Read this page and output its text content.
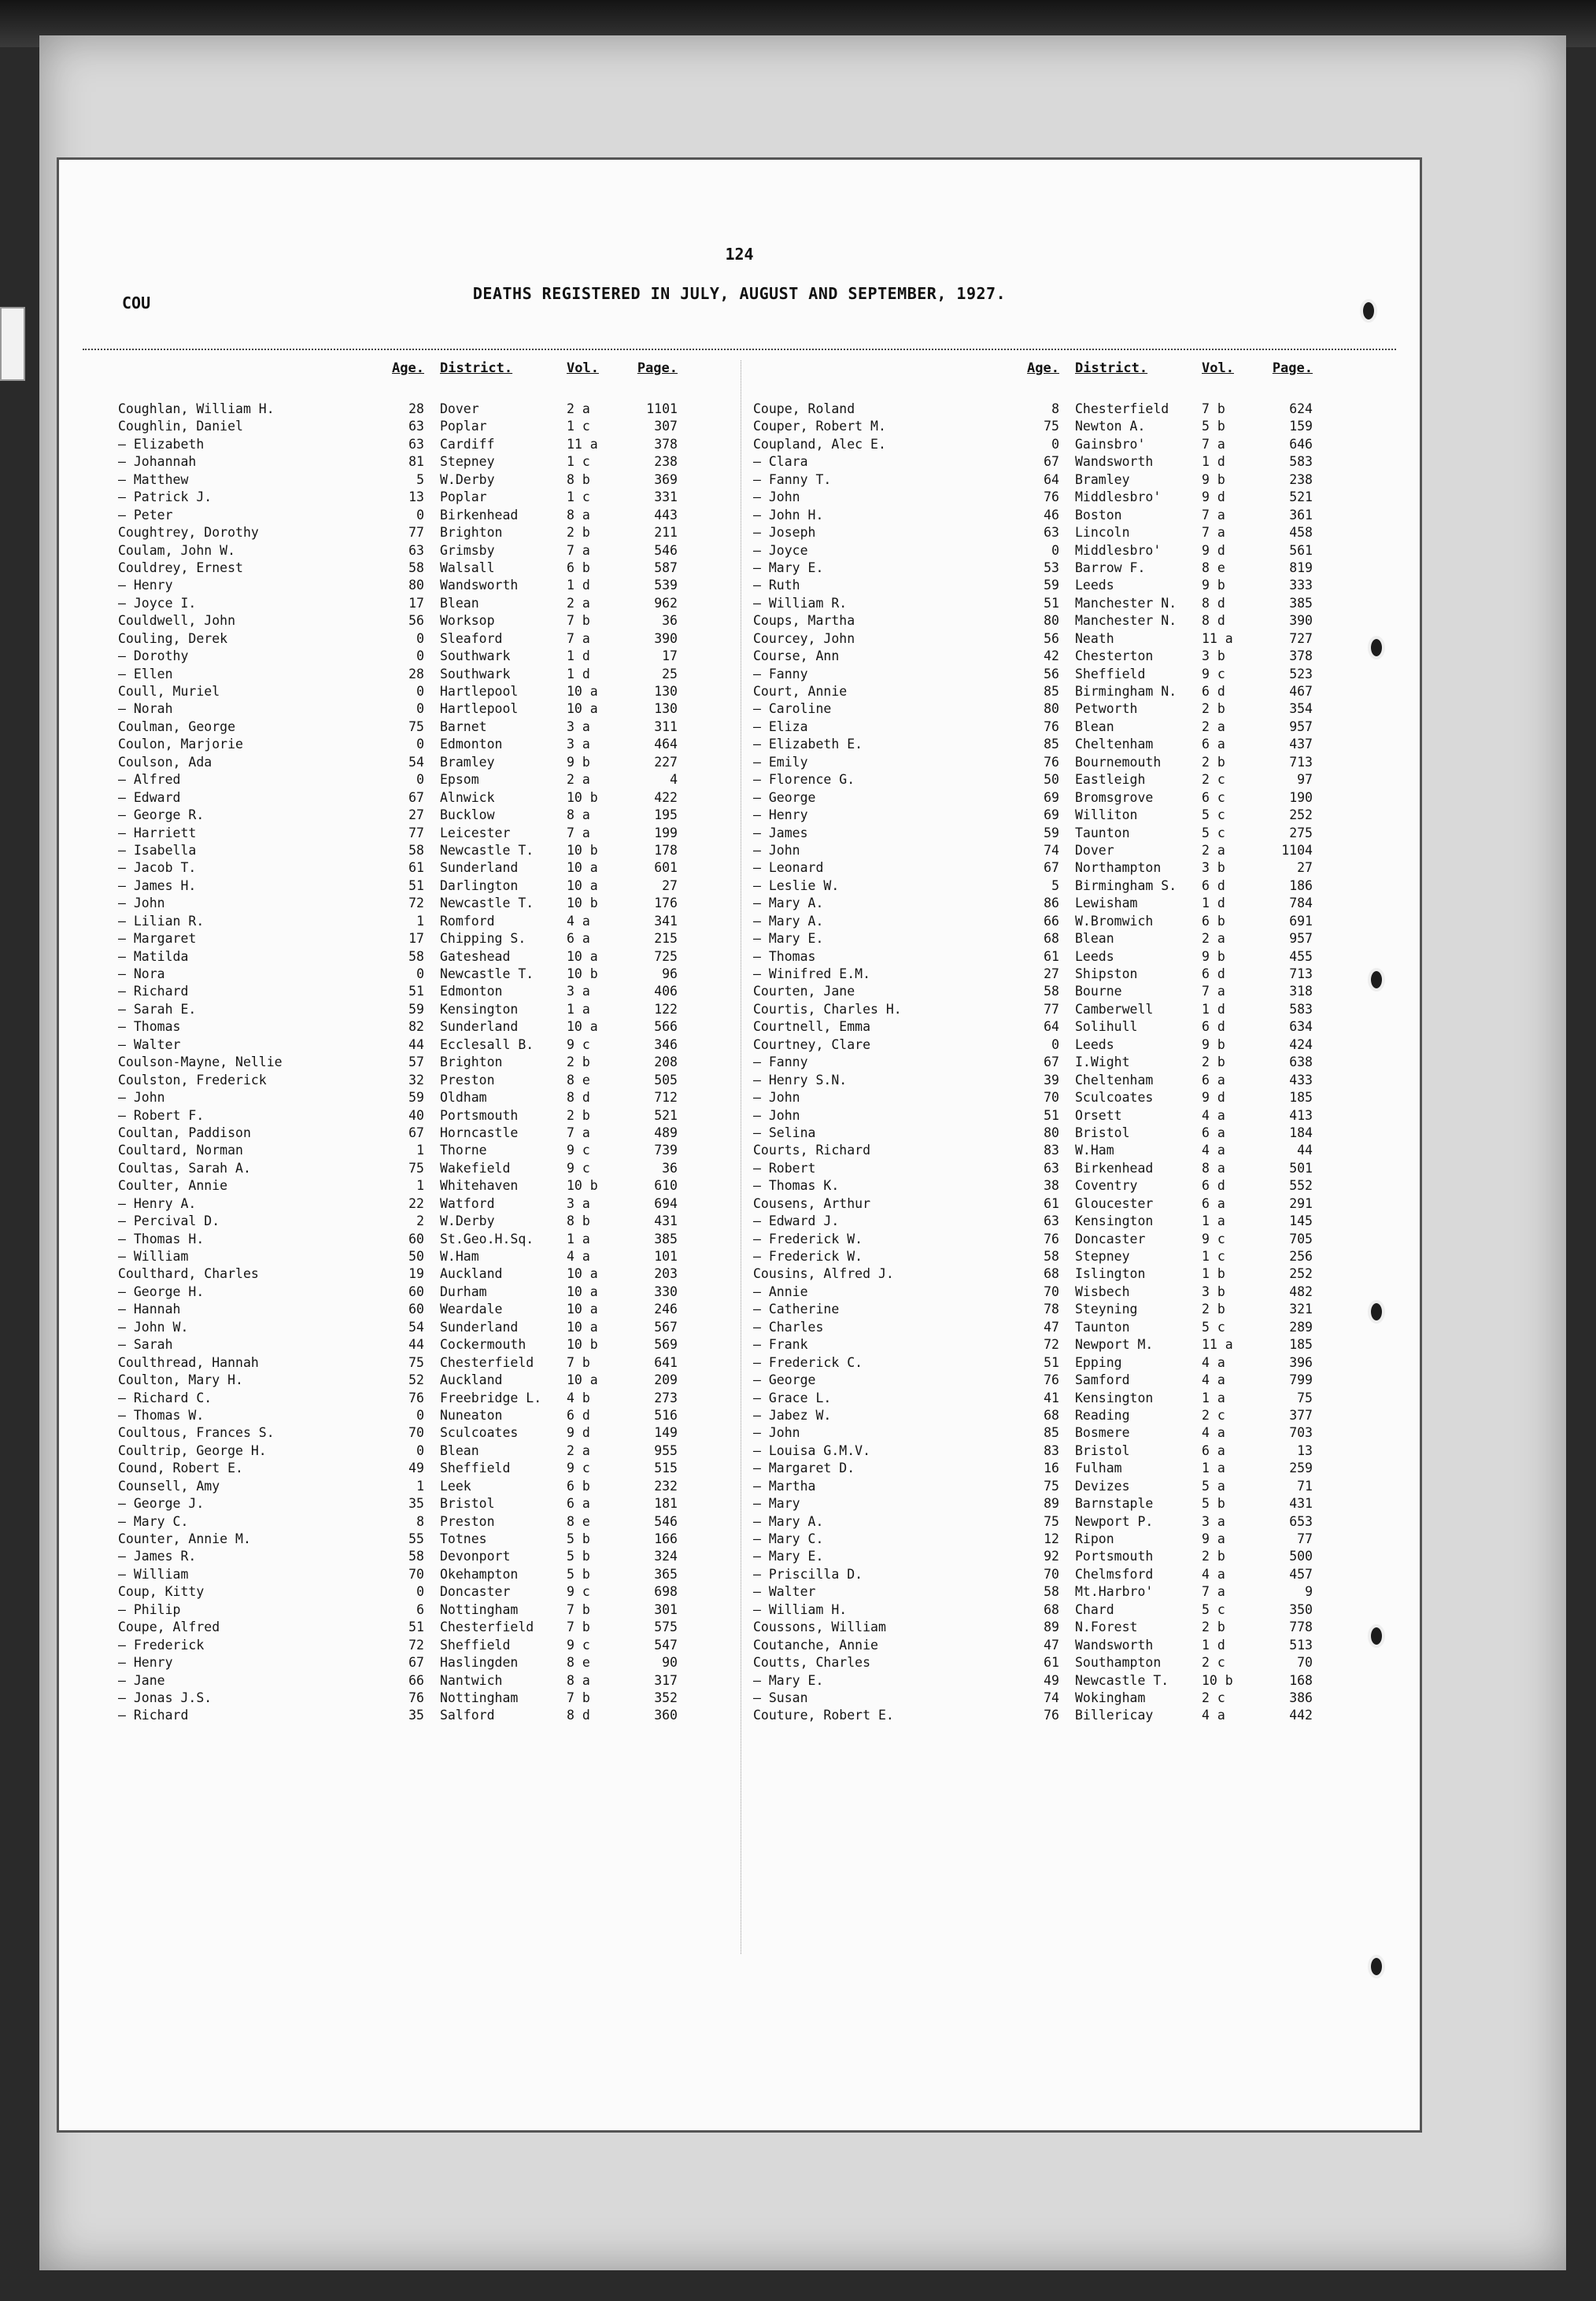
124
COU	DEATHS REGISTERED IN JULY, AUGUST AND SEPTEMBER, 1927.
Age.	District.	Vol.	Page.
Coughlan, William H.	28	Dover	2 a	1101
Coughlin, Daniel	63	Poplar	1 c	307
— Elizabeth	63	Cardiff	11 a	378
— Johannah	81	Stepney	1 c	238
— Matthew	5	W.Derby	8 b	369
— Patrick J.	13	Poplar	1 c	331
— Peter	0	Birkenhead	8 a	443
Coughtrey, Dorothy	77	Brighton	2 b	211
Coulam, John W.	63	Grimsby	7 a	546
Couldrey, Ernest	58	Walsall	6 b	587
— Henry	80	Wandsworth	1 d	539
— Joyce I.	17	Blean	2 a	962
Couldwell, John	56	Worksop	7 b	36
Couling, Derek	0	Sleaford	7 a	390
— Dorothy	0	Southwark	1 d	17
— Ellen	28	Southwark	1 d	25
Coull, Muriel	0	Hartlepool	10 a	130
— Norah	0	Hartlepool	10 a	130
Coulman, George	75	Barnet	3 a	311
Coulon, Marjorie	0	Edmonton	3 a	464
Coulson, Ada	54	Bramley	9 b	227
— Alfred	0	Epsom	2 a	4
— Edward	67	Alnwick	10 b	422
— George R.	27	Bucklow	8 a	195
— Harriett	77	Leicester	7 a	199
— Isabella	58	Newcastle T.	10 b	178
— Jacob T.	61	Sunderland	10 a	601
— James H.	51	Darlington	10 a	27
— John	72	Newcastle T.	10 b	176
— Lilian R.	1	Romford	4 a	341
— Margaret	17	Chipping S.	6 a	215
— Matilda	58	Gateshead	10 a	725
— Nora	0	Newcastle T.	10 b	96
— Richard	51	Edmonton	3 a	406
— Sarah E.	59	Kensington	1 a	122
— Thomas	82	Sunderland	10 a	566
— Walter	44	Ecclesall B.	9 c	346
Coulson-Mayne, Nellie	57	Brighton	2 b	208
Coulston, Frederick	32	Preston	8 e	505
— John	59	Oldham	8 d	712
— Robert F.	40	Portsmouth	2 b	521
Coultan, Paddison	67	Horncastle	7 a	489
Coultard, Norman	1	Thorne	9 c	739
Coultas, Sarah A.	75	Wakefield	9 c	36
Coulter, Annie	1	Whitehaven	10 b	610
— Henry A.	22	Watford	3 a	694
— Percival D.	2	W.Derby	8 b	431
— Thomas H.	60	St.Geo.H.Sq.	1 a	385
— William	50	W.Ham	4 a	101
Coulthard, Charles	19	Auckland	10 a	203
— George H.	60	Durham	10 a	330
— Hannah	60	Weardale	10 a	246
— John W.	54	Sunderland	10 a	567
— Sarah	44	Cockermouth	10 b	569
Coulthread, Hannah	75	Chesterfield	7 b	641
Coulton, Mary H.	52	Auckland	10 a	209
— Richard C.	76	Freebridge L.	4 b	273
— Thomas W.	0	Nuneaton	6 d	516
Coultous, Frances S.	70	Sculcoates	9 d	149
Coultrip, George H.	0	Blean	2 a	955
Cound, Robert E.	49	Sheffield	9 c	515
Counsell, Amy	1	Leek	6 b	232
— George J.	35	Bristol	6 a	181
— Mary C.	8	Preston	8 e	546
Counter, Annie M.	55	Totnes	5 b	166
— James R.	58	Devonport	5 b	324
— William	70	Okehampton	5 b	365
Coup, Kitty	0	Doncaster	9 c	698
— Philip	6	Nottingham	7 b	301
Coupe, Alfred	51	Chesterfield	7 b	575
— Frederick	72	Sheffield	9 c	547
— Henry	67	Haslingden	8 e	90
— Jane	66	Nantwich	8 a	317
— Jonas J.S.	76	Nottingham	7 b	352
— Richard	35	Salford	8 d	360
Age.	District.	Vol.	Page.
Coupe, Roland	8	Chesterfield	7 b	624
Couper, Robert M.	75	Newton A.	5 b	159
Coupland, Alec E.	0	Gainsbro'	7 a	646
— Clara	67	Wandsworth	1 d	583
— Fanny T.	64	Bramley	9 b	238
— John	76	Middlesbro'	9 d	521
— John H.	46	Boston	7 a	361
— Joseph	63	Lincoln	7 a	458
— Joyce	0	Middlesbro'	9 d	561
— Mary E.	53	Barrow F.	8 e	819
— Ruth	59	Leeds	9 b	333
— William R.	51	Manchester N.	8 d	385
Coups, Martha	80	Manchester N.	8 d	390
Courcey, John	56	Neath	11 a	727
Course, Ann	42	Chesterton	3 b	378
— Fanny	56	Sheffield	9 c	523
Court, Annie	85	Birmingham N.	6 d	467
— Caroline	80	Petworth	2 b	354
— Eliza	76	Blean	2 a	957
— Elizabeth E.	85	Cheltenham	6 a	437
— Emily	76	Bournemouth	2 b	713
— Florence G.	50	Eastleigh	2 c	97
— George	69	Bromsgrove	6 c	190
— Henry	69	Williton	5 c	252
— James	59	Taunton	5 c	275
— John	74	Dover	2 a	1104
— Leonard	67	Northampton	3 b	27
— Leslie W.	5	Birmingham S.	6 d	186
— Mary A.	86	Lewisham	1 d	784
— Mary A.	66	W.Bromwich	6 b	691
— Mary E.	68	Blean	2 a	957
— Thomas	61	Leeds	9 b	455
— Winifred E.M.	27	Shipston	6 d	713
Courten, Jane	58	Bourne	7 a	318
Courtis, Charles H.	77	Camberwell	1 d	583
Courtnell, Emma	64	Solihull	6 d	634
Courtney, Clare	0	Leeds	9 b	424
— Fanny	67	I.Wight	2 b	638
— Henry S.N.	39	Cheltenham	6 a	433
— John	70	Sculcoates	9 d	185
— John	51	Orsett	4 a	413
— Selina	80	Bristol	6 a	184
Courts, Richard	83	W.Ham	4 a	44
— Robert	63	Birkenhead	8 a	501
— Thomas K.	38	Coventry	6 d	552
Cousens, Arthur	61	Gloucester	6 a	291
— Edward J.	63	Kensington	1 a	145
— Frederick W.	76	Doncaster	9 c	705
— Frederick W.	58	Stepney	1 c	256
Cousins, Alfred J.	68	Islington	1 b	252
— Annie	70	Wisbech	3 b	482
— Catherine	78	Steyning	2 b	321
— Charles	47	Taunton	5 c	289
— Frank	72	Newport M.	11 a	185
— Frederick C.	51	Epping	4 a	396
— George	76	Samford	4 a	799
— Grace L.	41	Kensington	1 a	75
— Jabez W.	68	Reading	2 c	377
— John	85	Bosmere	4 a	703
— Louisa G.M.V.	83	Bristol	6 a	13
— Margaret D.	16	Fulham	1 a	259
— Martha	75	Devizes	5 a	71
— Mary	89	Barnstaple	5 b	431
— Mary A.	75	Newport P.	3 a	653
— Mary C.	12	Ripon	9 a	77
— Mary E.	92	Portsmouth	2 b	500
— Priscilla D.	70	Chelmsford	4 a	457
— Walter	58	Mt.Harbro'	7 a	9
— William H.	68	Chard	5 c	350
Coussons, William	89	N.Forest	2 b	778
Coutanche, Annie	47	Wandsworth	1 d	513
Coutts, Charles	61	Southampton	2 c	70
— Mary E.	49	Newcastle T.	10 b	168
— Susan	74	Wokingham	2 c	386
Couture, Robert E.	76	Billericay	4 a	442
